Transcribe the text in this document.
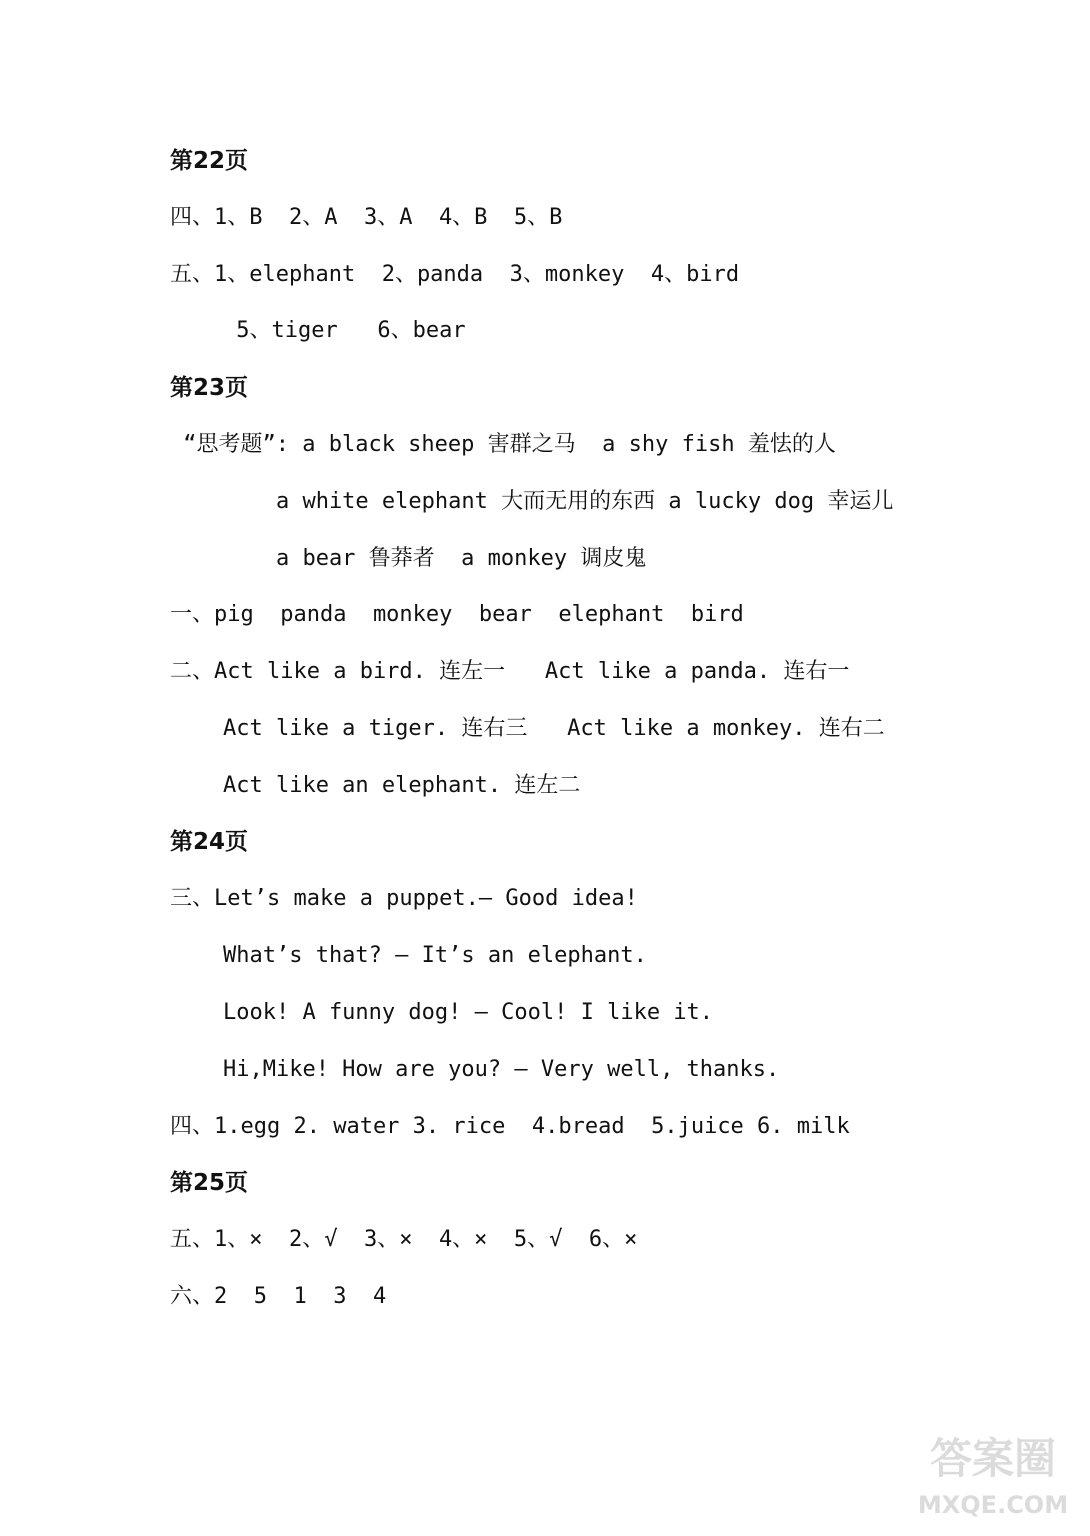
第22页
四、1、B  2、A  3、A  4、B  5、B
五、1、elephant  2、panda  3、monkey  4、bird
5、tiger   6、bear
第23页
“思考题”: a black sheep 害群之马  a shy fish 羞怯的人
a white elephant 大而无用的东西 a lucky dog 幸运儿
a bear 鲁莽者  a monkey 调皮鬼
一、pig  panda  monkey  bear  elephant  bird
二、Act like a bird. 连左一   Act like a panda. 连右一
Act like a tiger. 连右三   Act like a monkey. 连右二
Act like an elephant. 连左二
第24页
三、Let’s make a puppet.— Good idea!
What’s that? — It’s an elephant.
Look! A funny dog! — Cool! I like it.
Hi,Mike! How are you? — Very well, thanks.
四、1.egg 2. water 3. rice  4.bread  5.juice 6. milk
第25页
五、1、×  2、√  3、×  4、×  5、√  6、×
六、2  5  1  3  4
答案圈
MXQE.COM
